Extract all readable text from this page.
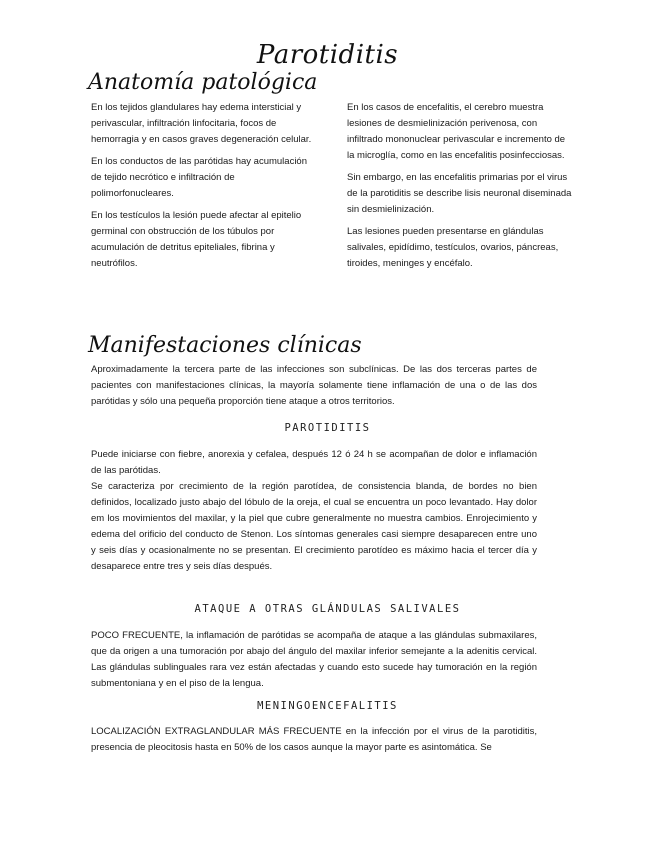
Parotiditis
Anatomía patológica

En los tejidos glandulares hay edema intersticial y perivascular, infiltración linfocitaria, focos de hemorragia y en casos graves degeneración celular.

En los conductos de las parótidas hay acumulación de tejido necrótico e infiltración de polimorfonucleares.

En los testículos la lesión puede afectar al epitelio germinal con obstrucción de los túbulos por acumulación de detritus epiteliales, fibrina y neutrófilos.

En los casos de encefalitis, el cerebro muestra lesiones de desmielinización perivenosa, con infiltrado mononuclear perivascular e incremento de la microglía, como en las encefalitis posinfecciosas.

Sin embargo, en las encefalitis primarias por el virus de la parotiditis se describe lisis neuronal diseminada sin desmielinización.

Las lesiones pueden presentarse en glándulas salivales, epidídimo, testículos, ovarios, páncreas, tiroides, meninges y encéfalo.

Manifestaciones clínicas

Aproximadamente la tercera parte de las infecciones son subclínicas. De las dos terceras partes de pacientes con manifestaciones clínicas, la mayoría solamente tiene inflamación de una o de las dos parótidas y sólo una pequeña proporción tiene ataque a otros territorios.

PAROTIDITIS

Puede iniciarse con fiebre, anorexia y cefalea, después 12 ó 24 h se acompañan de dolor e inflamación de las parótidas.

Se caracteriza por crecimiento de la región parotídea, de consistencia blanda, de bordes no bien definidos, localizado justo abajo del lóbulo de la oreja, el cual se encuentra un poco levantado. Hay dolor em los movimientos del maxilar, y la piel que cubre generalmente no muestra cambios. Enrojecimiento y edema del orificio del conducto de Stenon. Los síntomas generales casi siempre desaparecen entre uno y seis días y ocasionalmente no se presentan. El crecimiento parotídeo es máximo hacia el tercer día y desaparece entre tres y seis días después.

ATAQUE A OTRAS GLÁNDULAS SALIVALES

POCO FRECUENTE, la inflamación de parótidas se acompaña de ataque a las glándulas submaxilares, que da origen a una tumoración por abajo del ángulo del maxilar inferior semejante a la adenitis cervical. Las glándulas sublinguales rara vez están afectadas y cuando esto sucede hay tumoración en la región submentoniana y en el piso de la lengua.

MENINGOENCEFALITIS

LOCALIZACIÓN EXTRAGLANDULAR MÁS FRECUENTE en la infección por el virus de la parotiditis, presencia de pleocitosis hasta en 50% de los casos aunque la mayor parte es asintomática. Se
